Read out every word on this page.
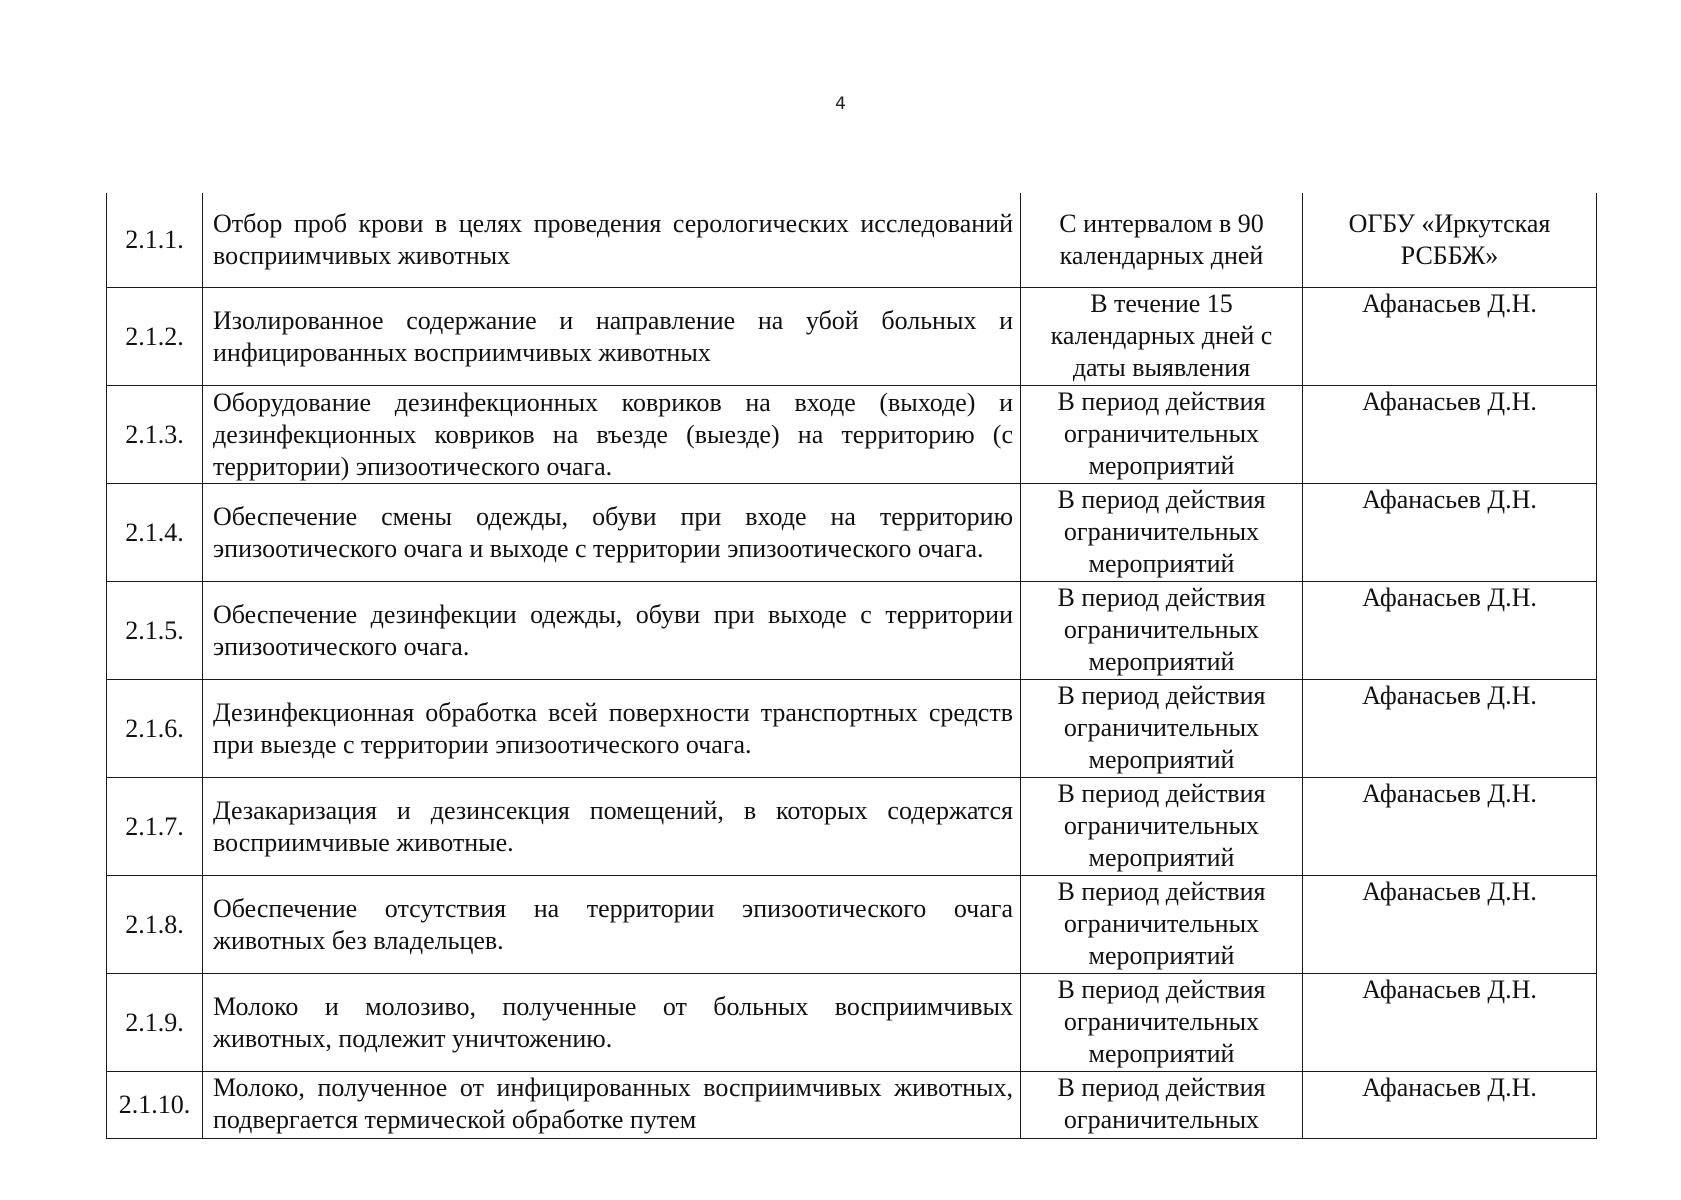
4
2.1.1.	Отбор проб крови в целях проведения серологических исследований восприимчивых животных	С интервалом в 90 календарных дней	ОГБУ «Иркутская РСББЖ»
2.1.2.	Изолированное содержание и направление на убой больных и инфицированных восприимчивых животных	В течение 15 календарных дней с даты выявления	Афанасьев Д.Н.
2.1.3.	Оборудование дезинфекционных ковриков на входе (выходе) и дезинфекционных ковриков на въезде (выезде) на территорию (с территории) эпизоотического очага.	В период действия ограничительных мероприятий	Афанасьев Д.Н.
2.1.4.	Обеспечение смены одежды, обуви при входе на территорию эпизоотического очага и выходе с территории эпизоотического очага.	В период действия ограничительных мероприятий	Афанасьев Д.Н.
2.1.5.	Обеспечение дезинфекции одежды, обуви при выходе с территории эпизоотического очага.	В период действия ограничительных мероприятий	Афанасьев Д.Н.
2.1.6.	Дезинфекционная обработка всей поверхности транспортных средств при выезде с территории эпизоотического очага.	В период действия ограничительных мероприятий	Афанасьев Д.Н.
2.1.7.	Дезакаризация и дезинсекция помещений, в которых содержатся восприимчивые животные.	В период действия ограничительных мероприятий	Афанасьев Д.Н.
2.1.8.	Обеспечение отсутствия на территории эпизоотического очага животных без владельцев.	В период действия ограничительных мероприятий	Афанасьев Д.Н.
2.1.9.	Молоко и молозиво, полученные от больных восприимчивых животных, подлежит уничтожению.	В период действия ограничительных мероприятий	Афанасьев Д.Н.
2.1.10.	Молоко, полученное от инфицированных восприимчивых животных, подвергается термической обработке путем	В период действия ограничительных	Афанасьев Д.Н.
